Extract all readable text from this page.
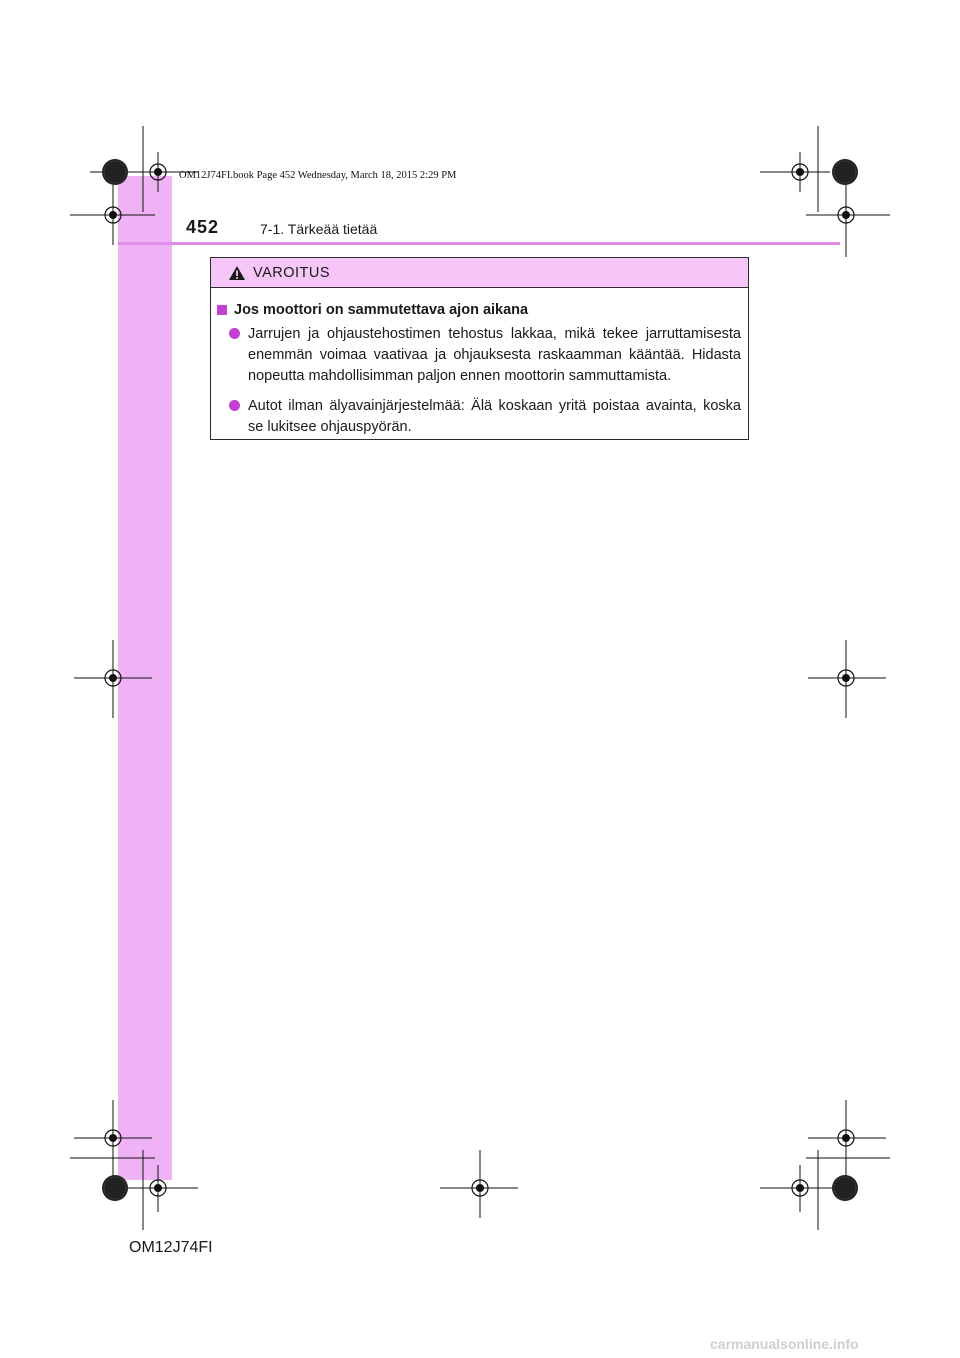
OM12J74FI.book Page 452 Wednesday, March 18, 2015 2:29 PM
452	7-1. Tärkeää tietää
VAROITUS
Jos moottori on sammutettava ajon aikana
Jarrujen ja ohjaustehostimen tehostus lakkaa, mikä tekee jarruttamisesta enemmän voimaa vaativaa ja ohjauksesta raskaamman kääntää. Hidasta nopeutta mahdollisimman paljon ennen moottorin sammuttamista.
Autot ilman älyavainjärjestelmää: Älä koskaan yritä poistaa avainta, koska se lukitsee ohjauspyörän.
OM12J74FI
carmanualsonline.info
